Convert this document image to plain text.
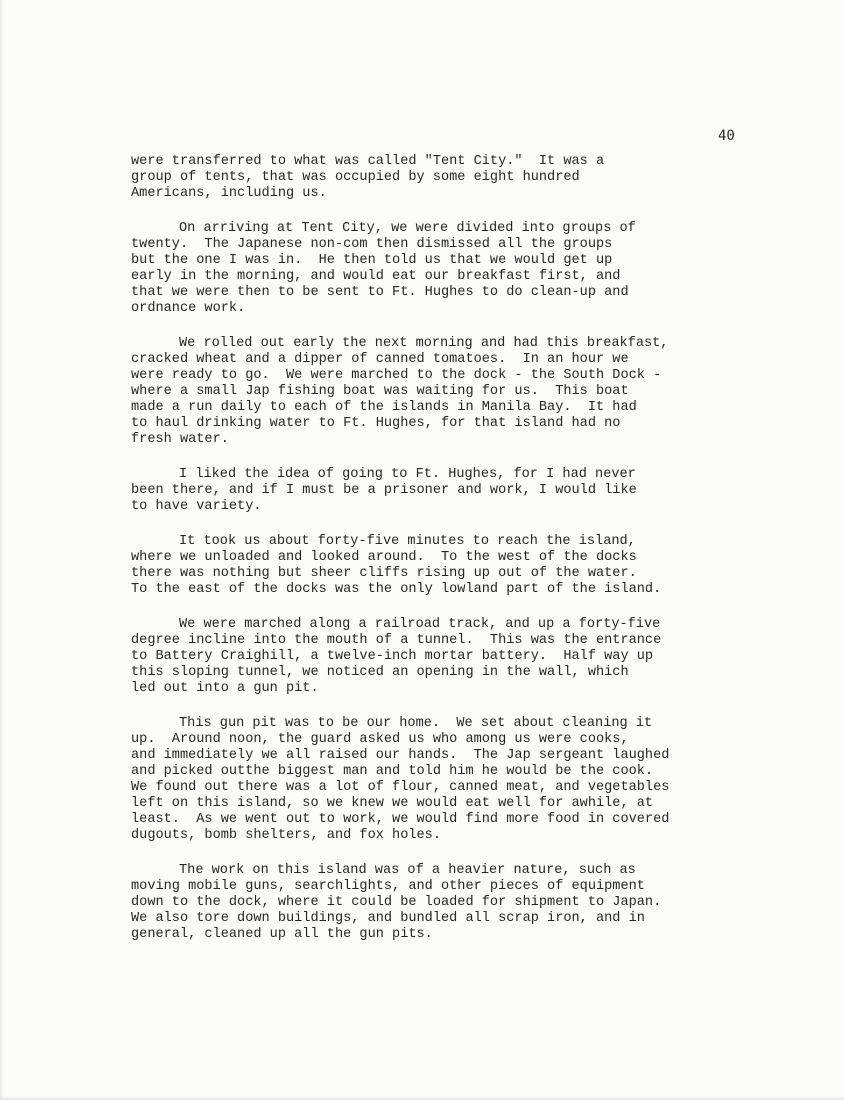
40
were transferred to what was called "Tent City."  It was a
group of tents, that was occupied by some eight hundred
Americans, including us.
On arriving at Tent City, we were divided into groups of
twenty.  The Japanese non-com then dismissed all the groups
but the one I was in.  He then told us that we would get up
early in the morning, and would eat our breakfast first, and
that we were then to be sent to Ft. Hughes to do clean-up and
ordnance work.
We rolled out early the next morning and had this breakfast,
cracked wheat and a dipper of canned tomatoes.  In an hour we
were ready to go.  We were marched to the dock - the South Dock -
where a small Jap fishing boat was waiting for us.  This boat
made a run daily to each of the islands in Manila Bay.  It had
to haul drinking water to Ft. Hughes, for that island had no
fresh water.
I liked the idea of going to Ft. Hughes, for I had never
been there, and if I must be a prisoner and work, I would like
to have variety.
It took us about forty-five minutes to reach the island,
where we unloaded and looked around.  To the west of the docks
there was nothing but sheer cliffs rising up out of the water.
To the east of the docks was the only lowland part of the island.
We were marched along a railroad track, and up a forty-five
degree incline into the mouth of a tunnel.  This was the entrance
to Battery Craighill, a twelve-inch mortar battery.  Half way up
this sloping tunnel, we noticed an opening in the wall, which
led out into a gun pit.
This gun pit was to be our home.  We set about cleaning it
up.  Around noon, the guard asked us who among us were cooks,
and immediately we all raised our hands.  The Jap sergeant laughed
and picked outthe biggest man and told him he would be the cook.
We found out there was a lot of flour, canned meat, and vegetables
left on this island, so we knew we would eat well for awhile, at
least.  As we went out to work, we would find more food in covered
dugouts, bomb shelters, and fox holes.
The work on this island was of a heavier nature, such as
moving mobile guns, searchlights, and other pieces of equipment
down to the dock, where it could be loaded for shipment to Japan.
We also tore down buildings, and bundled all scrap iron, and in
general, cleaned up all the gun pits.
